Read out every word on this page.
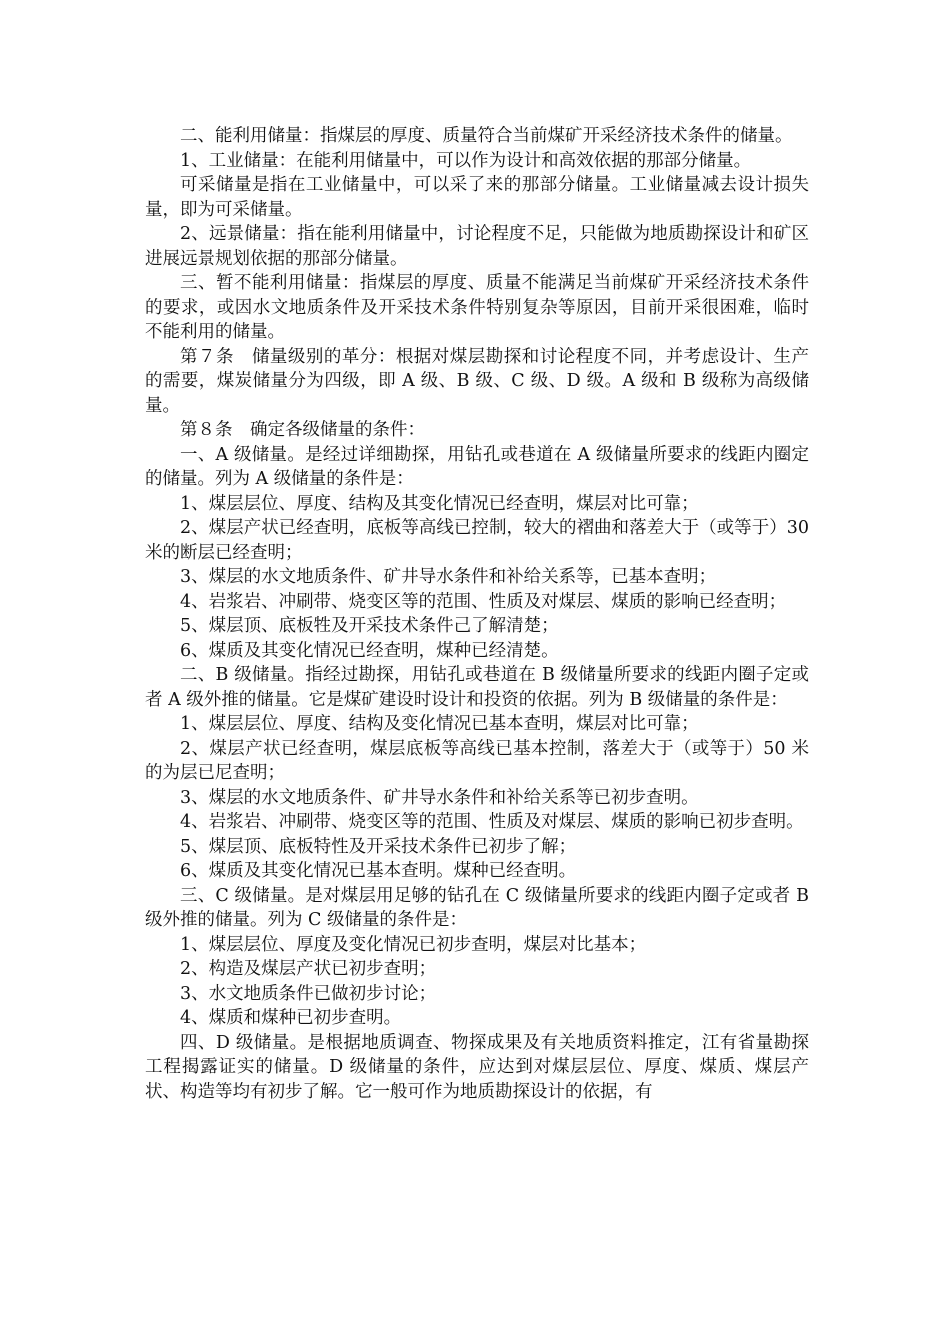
二、能利用储量：指煤层的厚度、质量符合当前煤矿开采经济技术条件的储量。

1、工业储量：在能利用储量中，可以作为设计和高效依据的那部分储量。

可采储量是指在工业储量中，可以采了来的那部分储量。工业储量减去设计损失量，即为可采储量。

2、远景储量：指在能利用储量中，讨论程度不足，只能做为地质勘探设计和矿区进展远景规划依据的那部分储量。

三、暂不能利用储量：指煤层的厚度、质量不能满足当前煤矿开采经济技术条件的要求，或因水文地质条件及开采技术条件特别复杂等原因，目前开采很困难，临时不能利用的储量。

第７条　储量级别的革分：根据对煤层勘探和讨论程度不同，并考虑设计、生产的需要，煤炭储量分为四级，即 A 级、B 级、C 级、D 级。A 级和 B 级称为高级储量。

第８条　确定各级储量的条件：

一、A 级储量。是经过详细勘探，用钻孔或巷道在 A 级储量所要求的线距内圈定的储量。列为 A 级储量的条件是：

1、煤层层位、厚度、结构及其变化情况已经查明，煤层对比可靠；

2、煤层产状已经查明，底板等高线已控制，较大的褶曲和落差大于（或等于）30 米的断层已经查明；

3、煤层的水文地质条件、矿井导水条件和补给关系等，已基本查明；

4、岩浆岩、冲刷带、烧变区等的范围、性质及对煤层、煤质的影响已经查明；

5、煤层顶、底板牲及开采技术条件己了解清楚；

6、煤质及其变化情况已经查明，煤种已经清楚。

二、B 级储量。指经过勘探，用钻孔或巷道在 B 级储量所要求的线距内圈子定或者 A 级外推的储量。它是煤矿建设时设计和投资的依据。列为 B 级储量的条件是：

1、煤层层位、厚度、结构及变化情况已基本查明，煤层对比可靠；

2、煤层产状已经查明，煤层底板等高线已基本控制，落差大于（或等于）50 米的为层已尼查明；

3、煤层的水文地质条件、矿井导水条件和补给关系等已初步查明。

4、岩浆岩、冲刷带、烧变区等的范围、性质及对煤层、煤质的影响已初步查明。

5、煤层顶、底板特性及开采技术条件已初步了解；

6、煤质及其变化情况已基本查明。煤种已经查明。

三、C 级储量。是对煤层用足够的钻孔在 C 级储量所要求的线距内圈子定或者 B 级外推的储量。列为 C 级储量的条件是：

1、煤层层位、厚度及变化情况已初步查明，煤层对比基本；

2、构造及煤层产状已初步查明；

3、水文地质条件已做初步讨论；

4、煤质和煤种已初步查明。

四、D 级储量。是根据地质调查、物探成果及有关地质资料推定，江有省量勘探工程揭露证实的储量。D 级储量的条件，应达到对煤层层位、厚度、煤质、煤层产状、构造等均有初步了解。它一般可作为地质勘探设计的依据，有
